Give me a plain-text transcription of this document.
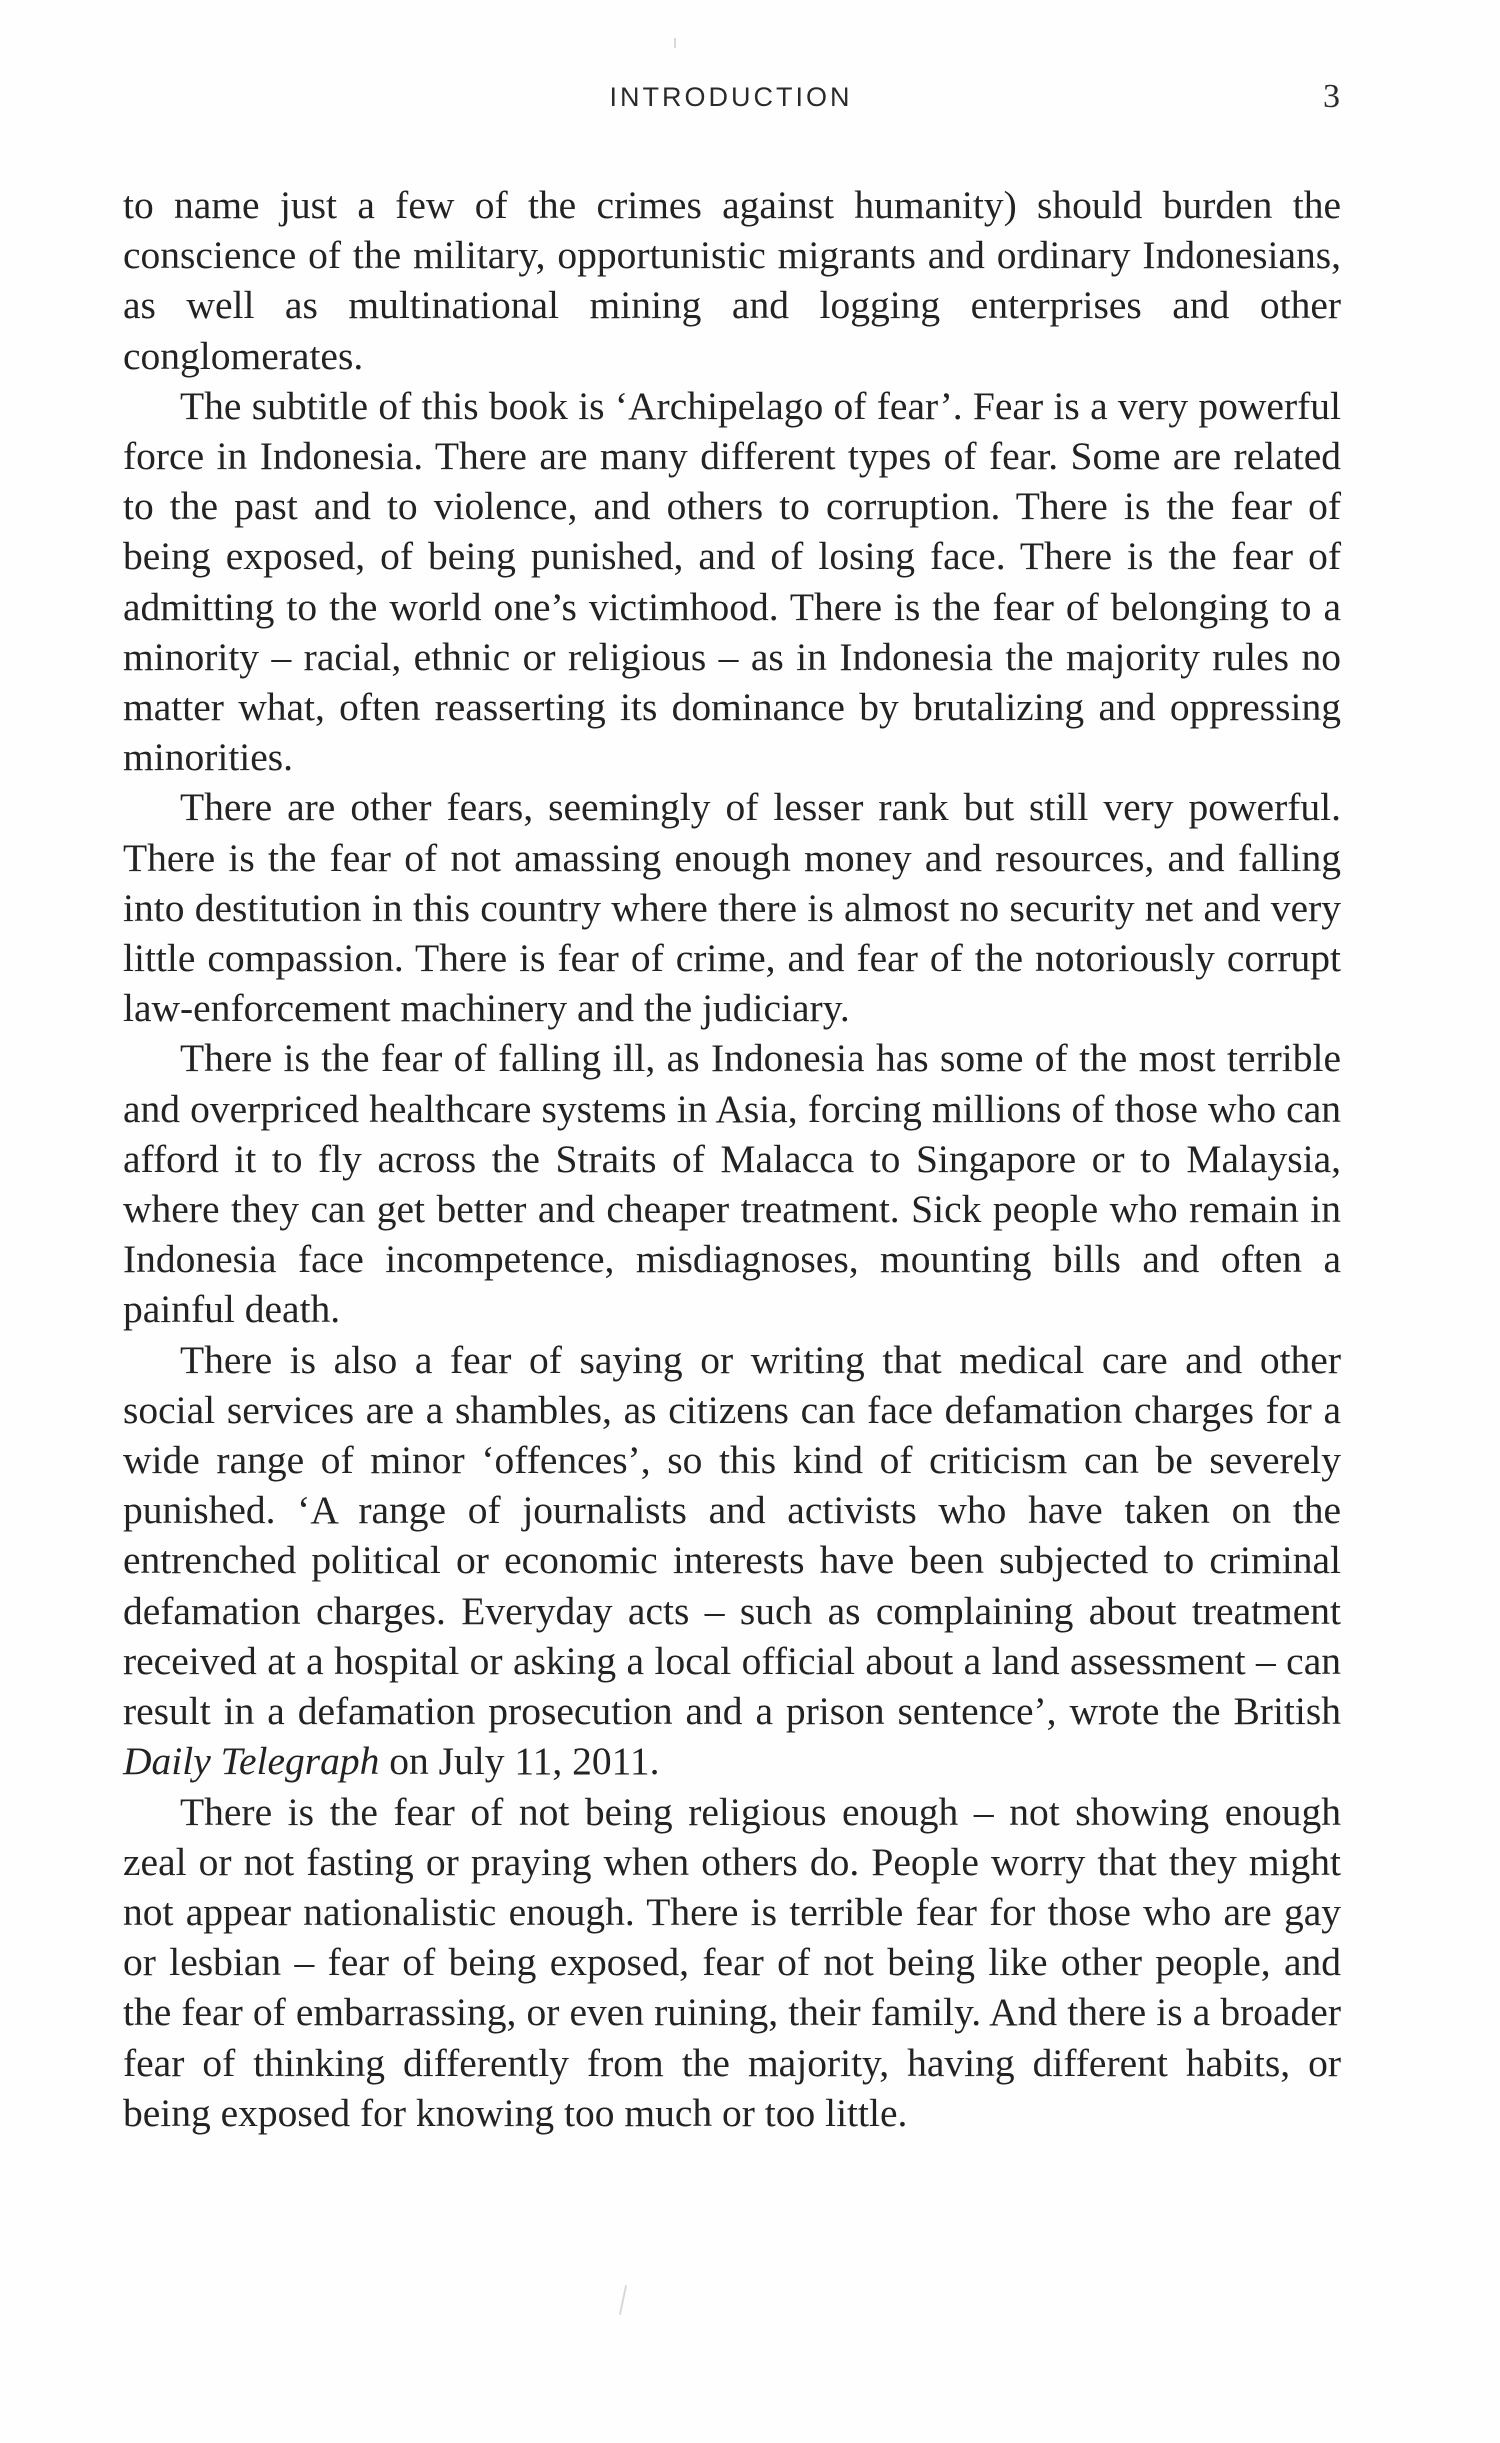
INTRODUCTION	3

to name just a few of the crimes against humanity) should burden the conscience of the military, opportunistic migrants and ordinary Indonesians, as well as multinational mining and logging enterprises and other conglomerates.

The subtitle of this book is ‘Archipelago of fear’. Fear is a very powerful force in Indonesia. There are many different types of fear. Some are related to the past and to violence, and others to corruption. There is the fear of being exposed, of being punished, and of losing face. There is the fear of admitting to the world one’s victimhood. There is the fear of belonging to a minority – racial, ethnic or religious – as in Indonesia the majority rules no matter what, often reasserting its dominance by brutalizing and oppressing minorities.

There are other fears, seemingly of lesser rank but still very powerful. There is the fear of not amassing enough money and resources, and falling into destitution in this country where there is almost no security net and very little compassion. There is fear of crime, and fear of the notoriously corrupt law-enforcement machinery and the judiciary.

There is the fear of falling ill, as Indonesia has some of the most terrible and overpriced healthcare systems in Asia, forcing millions of those who can afford it to fly across the Straits of Malacca to Singapore or to Malaysia, where they can get better and cheaper treatment. Sick people who remain in Indonesia face incompetence, misdiagnoses, mounting bills and often a painful death.

There is also a fear of saying or writing that medical care and other social services are a shambles, as citizens can face defamation charges for a wide range of minor ‘offences’, so this kind of criticism can be severely punished. ‘A range of journalists and activists who have taken on the entrenched political or economic interests have been subjected to criminal defamation charges. Everyday acts – such as complaining about treatment received at a hospital or asking a local official about a land assessment – can result in a defamation prosecution and a prison sentence’, wrote the British Daily Telegraph on July 11, 2011.

There is the fear of not being religious enough – not showing enough zeal or not fasting or praying when others do. People worry that they might not appear nationalistic enough. There is terrible fear for those who are gay or lesbian – fear of being exposed, fear of not being like other people, and the fear of embarrassing, or even ruining, their family. And there is a broader fear of thinking differently from the majority, having different habits, or being exposed for knowing too much or too little.
